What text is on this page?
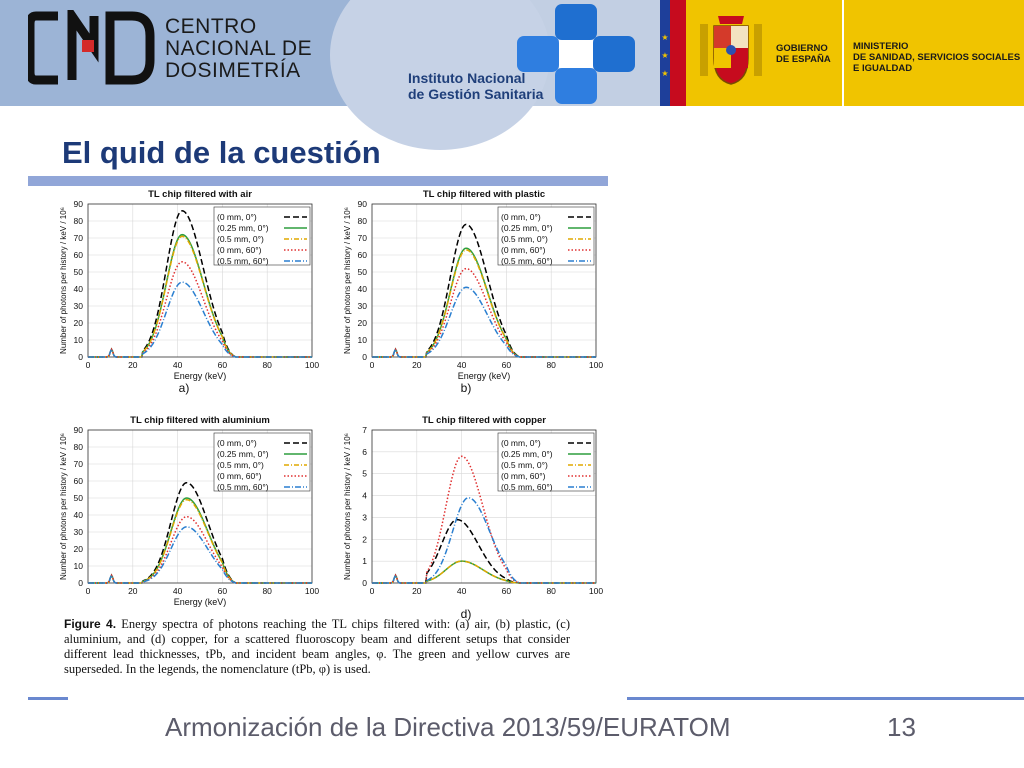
CENTRO
NACIONAL DE
DOSIMETRÍA	Instituto Nacional
de Gestión Sanitaria
★
★
★
GOBIERNO
DE ESPAÑA
MINISTERIO
DE SANIDAD, SERVICIOS SOCIALES
E IGUALDAD
El quid de la cuestión
TL chip filtered with air
0
10
20
30
40
50
60
70
80
90
0	20	40	60	80	100
Energy (keV)
Number of photons per history / keV / 10⁶	(0 mm, 0°)
(0.25 mm, 0°)
(0.5 mm, 0°)
(0 mm, 60°)
(0.5 mm, 60°)
a)
TL chip filtered with plastic
0
10
20
30
40
50
60
70
80
90
0	20	40	60	80	100
Energy (keV)
Number of photons per history / keV / 10⁶	(0 mm, 0°)
(0.25 mm, 0°)
(0.5 mm, 0°)
(0 mm, 60°)
(0.5 mm, 60°)
b)
TL chip filtered with aluminium
0
10
20
30
40
50
60
70
80
90
0	20	40	60	80	100
Energy (keV)
Number of photons per history / keV / 10⁶	(0 mm, 0°)
(0.25 mm, 0°)
(0.5 mm, 0°)
(0 mm, 60°)
(0.5 mm, 60°)
TL chip filtered with copper
0
1
2
3
4
5
6
7
0	20	40	60	80	100
Number of photons per history / keV / 10⁶	(0 mm, 0°)
(0.25 mm, 0°)
(0.5 mm, 0°)
(0 mm, 60°)
(0.5 mm, 60°)
d)
Figure 4. Energy spectra of photons reaching the TL chips filtered with: (a) air, (b) plastic, (c) aluminium, and (d) copper, for a scattered fluoroscopy beam and different setups that consider different lead thicknesses, tPb, and incident beam angles, φ. The green and yellow curves are superseded. In the legends, the nomenclature (tPb, φ) is used.
Armonización de la Directiva 2013/59/EURATOM	13
